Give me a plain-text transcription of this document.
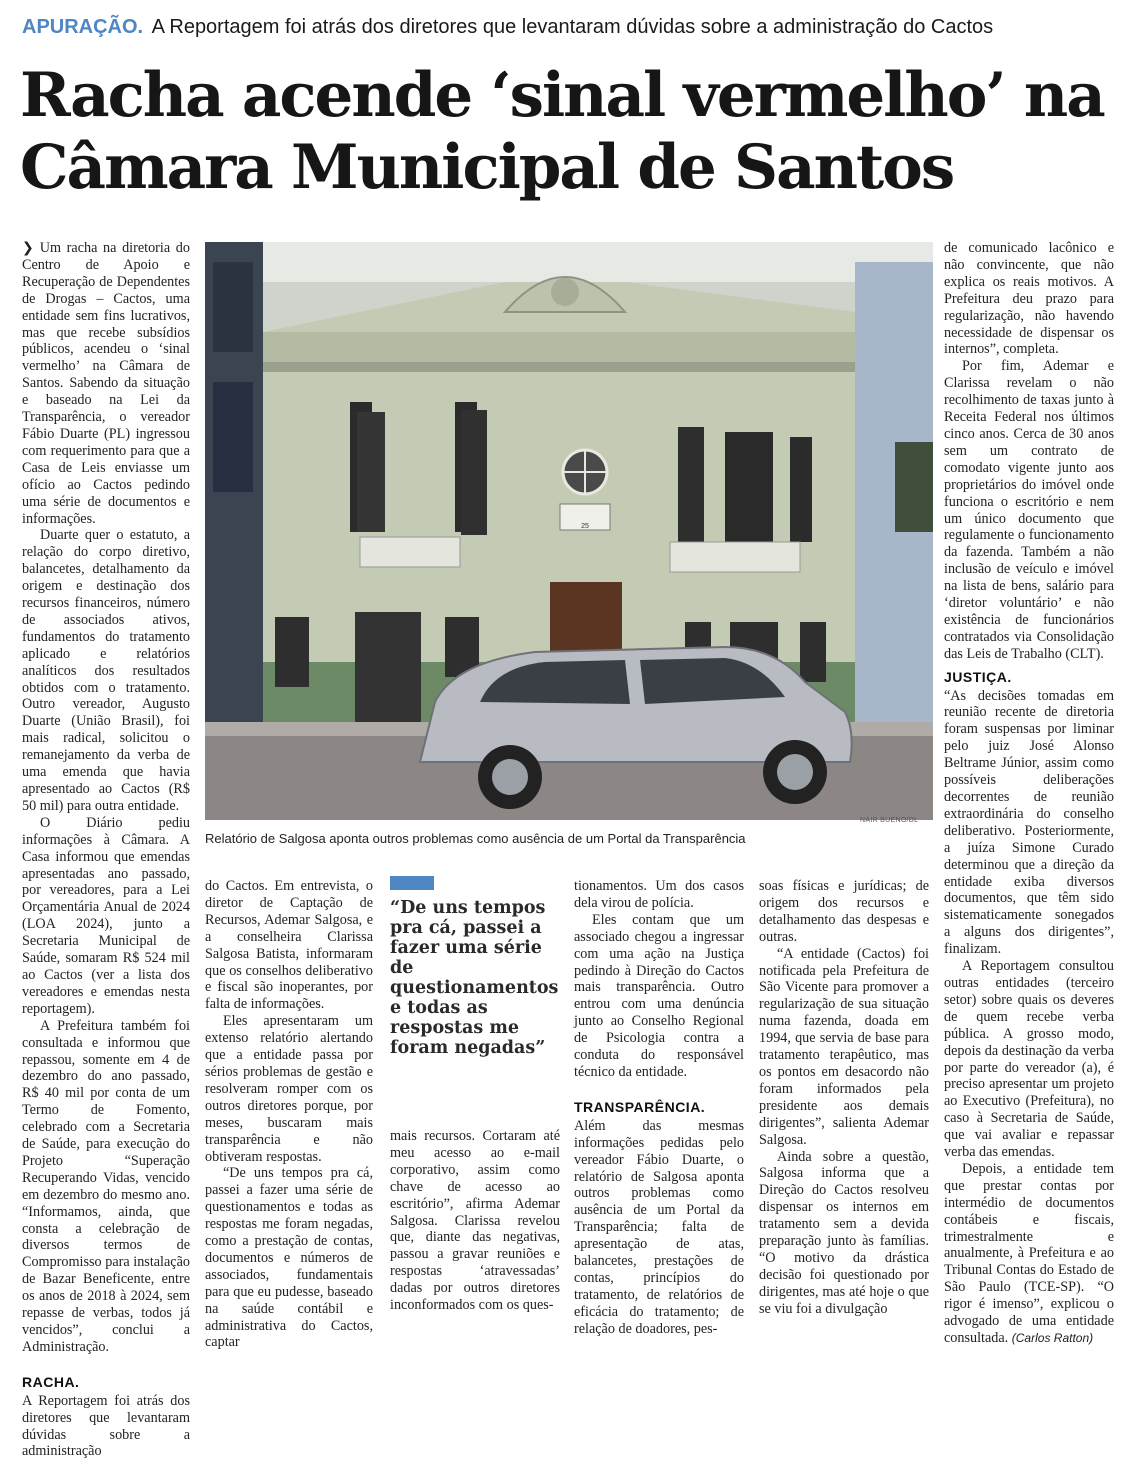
APURAÇÃO. A Reportagem foi atrás dos diretores que levantaram dúvidas sobre a administração do Cactos
Racha acende ‘sinal vermelho’ na Câmara Municipal de Santos

❯ Um racha na diretoria do Centro de Apoio e Recuperação de Dependentes de Drogas – Cactos, uma entidade sem fins lucrativos, mas que recebe subsídios públicos, acendeu o ‘sinal vermelho’ na Câmara de Santos. Sabendo da situação e baseado na Lei da Transparência, o vereador Fábio Duarte (PL) ingressou com requerimento para que a Casa de Leis enviasse um ofício ao Cactos pedindo uma série de documentos e informações.

Duarte quer o estatuto, a relação do corpo diretivo, balancetes, detalhamento da origem e destinação dos recursos financeiros, número de associados ativos, fundamentos do tratamento aplicado e relatórios analíticos dos resultados obtidos com o tratamento. Outro vereador, Augusto Duarte (União Brasil), foi mais radical, solicitou o remanejamento da verba de uma emenda que havia apresentado ao Cactos (R$ 50 mil) para outra entidade.

O Diário pediu informações à Câmara. A Casa informou que emendas apresentadas ano passado, por vereadores, para a Lei Orçamentária Anual de 2024 (LOA 2024), junto a Secretaria Municipal de Saúde, somaram R$ 524 mil ao Cactos (ver a lista dos vereadores e emendas nesta reportagem).

A Prefeitura também foi consultada e informou que repassou, somente em 4 de dezembro do ano passado, R$ 40 mil por conta de um Termo de Fomento, celebrado com a Secretaria de Saúde, para execução do Projeto “Superação Recuperando Vidas, vencido em dezembro do mesmo ano. “Informamos, ainda, que consta a celebração de diversos termos de Compromisso para instalação de Bazar Beneficente, entre os anos de 2018 à 2024, sem repasse de verbas, todos já vencidos”, conclui a Administração.

RACHA.

A Reportagem foi atrás dos diretores que levantaram dúvidas sobre a administração

25
NAIR BUENO/DL
Relatório de Salgosa aponta outros problemas como ausência de um Portal da Transparência

do Cactos. Em entrevista, o diretor de Captação de Recursos, Ademar Salgosa, e a conselheira Clarissa Salgosa Batista, informaram que os conselhos deliberativo e fiscal são inoperantes, por falta de informações.

Eles apresentaram um extenso relatório alertando que a entidade passa por sérios problemas de gestão e resolveram romper com os outros diretores porque, por meses, buscaram mais transparência e não obtiveram respostas.

“De uns tempos pra cá, passei a fazer uma série de questionamentos e todas as respostas me foram negadas, como a prestação de contas, documentos e números de associados, fundamentais para que eu pudesse, baseado na saúde contábil e administrativa do Cactos, captar

“De uns tempos pra cá, passei a fazer uma série de questionamentos e todas as respostas me foram negadas”

mais recursos. Cortaram até meu acesso ao e-mail corporativo, assim como chave de acesso ao escritório”, afirma Ademar Salgosa. Clarissa revelou que, diante das negativas, passou a gravar reuniões e respostas ‘atravessadas’ dadas por outros diretores inconformados com os ques-

tionamentos. Um dos casos dela virou de polícia.

Eles contam que um associado chegou a ingressar com uma ação na Justiça pedindo à Direção do Cactos mais transparência. Outro entrou com uma denúncia junto ao Conselho Regional de Psicologia contra a conduta do responsável técnico da entidade.

TRANSPARÊNCIA.

Além das mesmas informações pedidas pelo vereador Fábio Duarte, o relatório de Salgosa aponta outros problemas como ausência de um Portal da Transparência; falta de apresentação de atas, balancetes, prestações de contas, princípios do tratamento, de relatórios de eficácia do tratamento; de relação de doadores, pes-

soas físicas e jurídicas; de origem dos recursos e detalhamento das despesas e outras.

“A entidade (Cactos) foi notificada pela Prefeitura de São Vicente para promover a regularização de sua situação numa fazenda, doada em 1994, que servia de base para tratamento terapêutico, mas os pontos em desacordo não foram informados pela presidente aos demais dirigentes”, salienta Ademar Salgosa.

Ainda sobre a questão, Salgosa informa que a Direção do Cactos resolveu dispensar os internos em tratamento sem a devida preparação junto às famílias. “O motivo da drástica decisão foi questionado por dirigentes, mas até hoje o que se viu foi a divulgação

de comunicado lacônico e não convincente, que não explica os reais motivos. A Prefeitura deu prazo para regularização, não havendo necessidade de dispensar os internos”, completa.

Por fim, Ademar e Clarissa revelam o não recolhimento de taxas junto à Receita Federal nos últimos cinco anos. Cerca de 30 anos sem um contrato de comodato vigente junto aos proprietários do imóvel onde funciona o escritório e nem um único documento que regulamente o funcionamento da fazenda. Também a não inclusão de veículo e imóvel na lista de bens, salário para ‘diretor voluntário’ e não existência de funcionários contratados via Consolidação das Leis de Trabalho (CLT).

JUSTIÇA.

“As decisões tomadas em reunião recente de diretoria foram suspensas por liminar pelo juiz José Alonso Beltrame Júnior, assim como possíveis deliberações decorrentes de reunião extraordinária do conselho deliberativo. Posteriormente, a juíza Simone Curado determinou que a direção da entidade exiba diversos documentos, que têm sido sistematicamente sonegados a alguns dos dirigentes”, finalizam.

A Reportagem consultou outras entidades (terceiro setor) sobre quais os deveres de quem recebe verba pública. A grosso modo, depois da destinação da verba por parte do vereador (a), é preciso apresentar um projeto ao Executivo (Prefeitura), no caso à Secretaria de Saúde, que vai avaliar e repassar verba das emendas.

Depois, a entidade tem que prestar contas por intermédio de documentos contábeis e fiscais, trimestralmente e anualmente, à Prefeitura e ao Tribunal Contas do Estado de São Paulo (TCE-SP). “O rigor é imenso”, explicou o advogado de uma entidade consultada. (Carlos Ratton)
